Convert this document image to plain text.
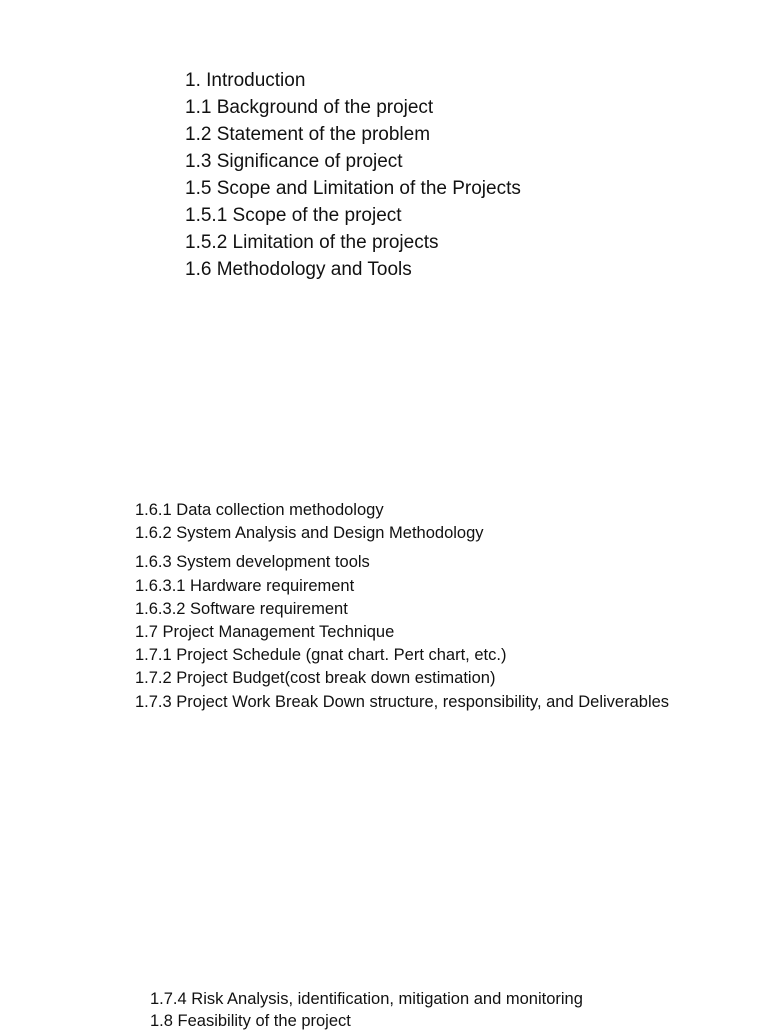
1. Introduction
1.1 Background of the project
1.2 Statement of the problem
1.3 Significance of project
1.5 Scope and Limitation of the Projects
1.5.1 Scope of the project
1.5.2 Limitation of the projects
1.6 Methodology and Tools
1.6.1 Data collection methodology
1.6.2 System Analysis and Design Methodology
1.6.3 System development tools
1.6.3.1 Hardware requirement
1.6.3.2 Software requirement
1.7 Project Management Technique
1.7.1 Project Schedule (gnat chart. Pert chart, etc.)
1.7.2 Project Budget(cost break down estimation)
1.7.3 Project Work Break Down structure, responsibility, and Deliverables
1.7.4 Risk Analysis, identification, mitigation and monitoring
1.8 Feasibility of the project
